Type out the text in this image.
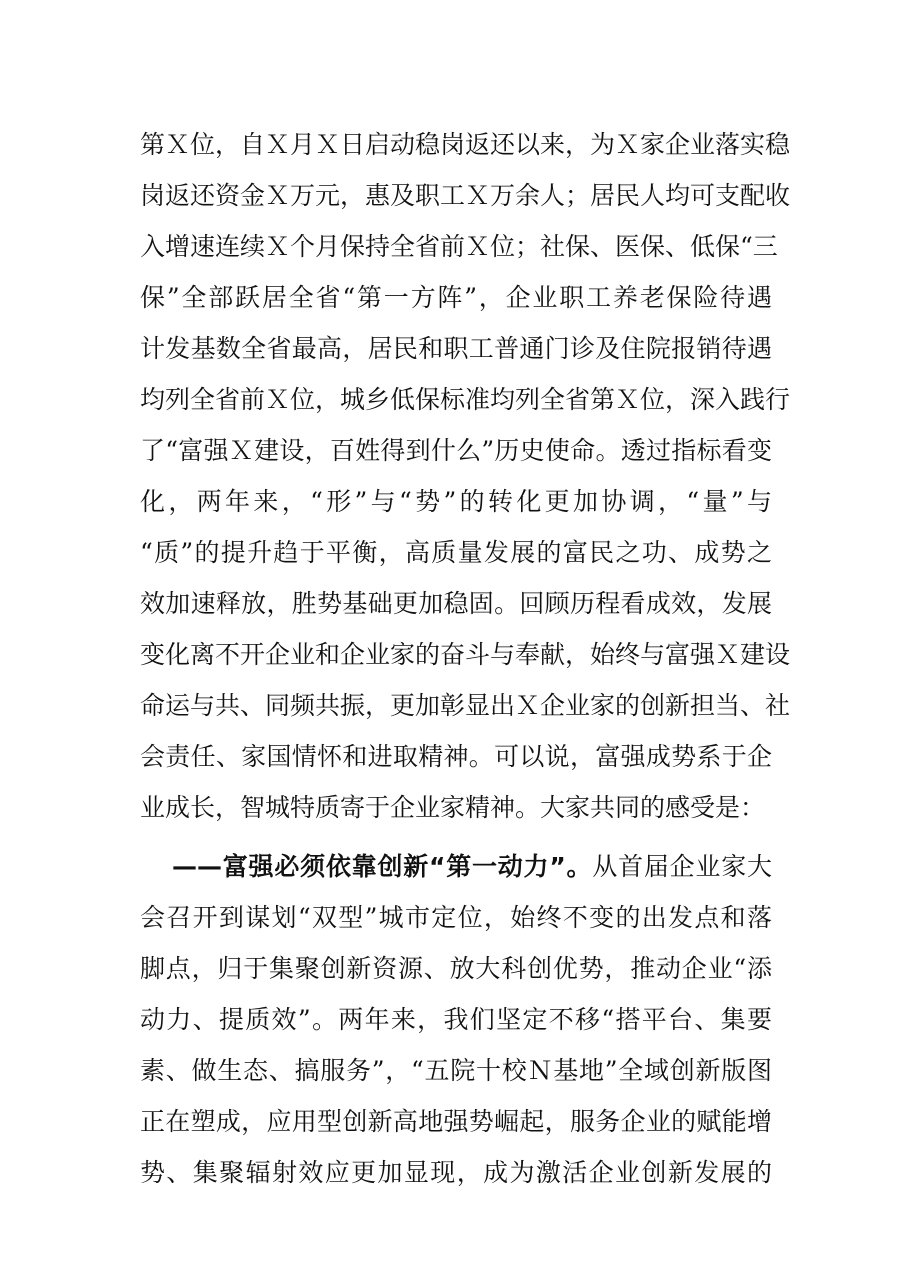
第Ｘ位，自Ｘ月Ｘ日启动稳岗返还以来，为Ｘ家企业落实稳
岗返还资金Ｘ万元，惠及职工Ｘ万余人；居民人均可支配收
入增速连续Ｘ个月保持全省前Ｘ位；社保、医保、低保“三
保”全部跃居全省“第一方阵”，企业职工养老保险待遇
计发基数全省最高，居民和职工普通门诊及住院报销待遇
均列全省前Ｘ位，城乡低保标准均列全省第Ｘ位，深入践行
了“富强Ｘ建设，百姓得到什么”历史使命。透过指标看变
化，两年来，“形”与“势”的转化更加协调，“量”与
“质”的提升趋于平衡，高质量发展的富民之功、成势之
效加速释放，胜势基础更加稳固。回顾历程看成效，发展
变化离不开企业和企业家的奋斗与奉献，始终与富强Ｘ建设
命运与共、同频共振，更加彰显出Ｘ企业家的创新担当、社
会责任、家国情怀和进取精神。可以说，富强成势系于企
业成长，智城特质寄于企业家精神。大家共同的感受是：
——富强必须依靠创新“第一动力”。从首届企业家大
会召开到谋划“双型”城市定位，始终不变的出发点和落
脚点，归于集聚创新资源、放大科创优势，推动企业“添
动力、提质效”。两年来，我们坚定不移“搭平台、集要
素、做生态、搞服务”，“五院十校Ｎ基地”全域创新版图
正在塑成，应用型创新高地强势崛起，服务企业的赋能增
势、集聚辐射效应更加显现，成为激活企业创新发展的
